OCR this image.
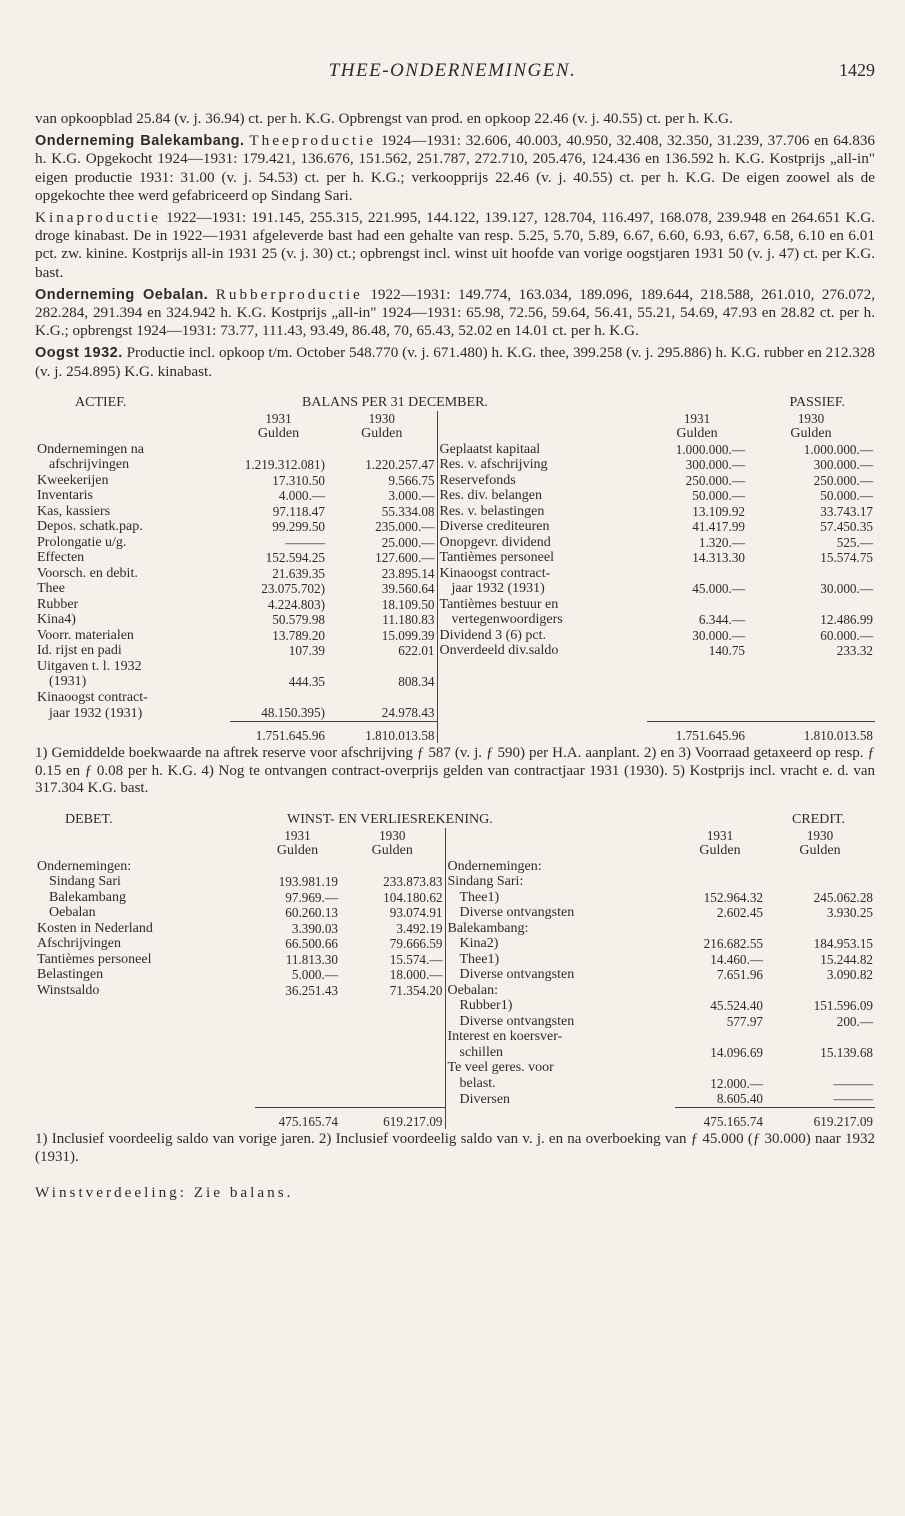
THEE-ONDERNEMINGEN.	1429

van opkoopblad 25.84 (v. j. 36.94) ct. per h. K.G. Opbrengst van prod. en opkoop 22.46 (v. j. 40.55) ct. per h. K.G.

Onderneming Balekambang. Theeproductie 1924—1931: 32.606, 40.003, 40.950, 32.408, 32.350, 31.239, 37.706 en 64.836 h. K.G. Opgekocht 1924—1931: 179.421, 136.676, 151.562, 251.787, 272.710, 205.476, 124.436 en 136.592 h. K.G. Kostprijs „all-in" eigen productie 1931: 31.00 (v. j. 54.53) ct. per h. K.G.; verkoopprijs 22.46 (v. j. 40.55) ct. per h. K.G. De eigen zoowel als de opgekochte thee werd gefabriceerd op Sindang Sari.

Kinaproductie 1922—1931: 191.145, 255.315, 221.995, 144.122, 139.127, 128.704, 116.497, 168.078, 239.948 en 264.651 K.G. droge kinabast. De in 1922—1931 afgeleverde bast had een gehalte van resp. 5.25, 5.70, 5.89, 6.67, 6.60, 6.93, 6.67, 6.58, 6.10 en 6.01 pct. zw. kinine. Kostprijs all-in 1931 25 (v. j. 30) ct.; opbrengst incl. winst uit hoofde van vorige oogstjaren 1931 50 (v. j. 47) ct. per K.G. bast.

Onderneming Oebalan. Rubberproductie 1922—1931: 149.774, 163.034, 189.096, 189.644, 218.588, 261.010, 276.072, 282.284, 291.394 en 324.942 h. K.G. Kostprijs „all-in" 1924—1931: 65.98, 72.56, 59.64, 56.41, 55.21, 54.69, 47.93 en 28.82 ct. per h. K.G.; opbrengst 1924—1931: 73.77, 111.43, 93.49, 86.48, 70, 65.43, 52.02 en 14.01 ct. per h. K.G.

Oogst 1932. Productie incl. opkoop t/m. October 548.770 (v. j. 671.480) h. K.G. thee, 399.258 (v. j. 295.886) h. K.G. rubber en 212.328 (v. j. 254.895) K.G. kinabast.

ACTIEF.	BALANS PER 31 DECEMBER.			PASSIEF.	
	1931	1930		1931	1930
	Gulden	Gulden		Gulden	Gulden
Ondernemingen na			Geplaatst kapitaal	1.000.000.—	1.000.000.—
afschrijvingen	1.219.312.081)	1.220.257.47	Res. v. afschrijving	300.000.—	300.000.—
Kweekerijen	17.310.50	9.566.75	Reservefonds	250.000.—	250.000.—
Inventaris	4.000.—	3.000.—	Res. div. belangen	50.000.—	50.000.—
Kas, kassiers	97.118.47	55.334.08	Res. v. belastingen	13.109.92	33.743.17
Depos. schatk.pap.	99.299.50	235.000.—	Diverse crediteuren	41.417.99	57.450.35
Prolongatie u/g.	———	25.000.—	Onopgevr. dividend	1.320.—	525.—
Effecten	152.594.25	127.600.—	Tantièmes personeel	14.313.30	15.574.75
Voorsch. en debit.	21.639.35	23.895.14	Kinaoogst contract-		
Thee	23.075.702)	39.560.64	jaar 1932 (1931)	45.000.—	30.000.—
Rubber	4.224.803)	18.109.50	Tantièmes bestuur en		
Kina4)	50.579.98	11.180.83	vertegenwoordigers	6.344.—	12.486.99
Voorr. materialen	13.789.20	15.099.39	Dividend 3 (6) pct.	30.000.—	60.000.—
Id. rijst en padi	107.39	622.01	Onverdeeld div.saldo	140.75	233.32
Uitgaven t. l. 1932					
(1931)	444.35	808.34			
Kinaoogst contract-					
jaar 1932 (1931)	48.150.395)	24.978.43			
	1.751.645.96	1.810.013.58		1.751.645.96	1.810.013.58

1) Gemiddelde boekwaarde na aftrek reserve voor afschrijving ƒ 587 (v. j. ƒ 590) per H.A. aanplant. 2) en 3) Voorraad getaxeerd op resp. ƒ 0.15 en ƒ 0.08 per h. K.G. 4) Nog te ontvangen contract-overprijs gelden van contractjaar 1931 (1930). 5) Kostprijs incl. vracht e. d. van 317.304 K.G. bast.

DEBET.	WINST- EN VERLIESREKENING.			CREDIT.	
	1931	1930		1931	1930
	Gulden	Gulden		Gulden	Gulden
Ondernemingen:			Ondernemingen:		
Sindang Sari	193.981.19	233.873.83	Sindang Sari:		
Balekambang	97.969.—	104.180.62	Thee1)	152.964.32	245.062.28
Oebalan	60.260.13	93.074.91	Diverse ontvangsten	2.602.45	3.930.25
Kosten in Nederland	3.390.03	3.492.19	Balekambang:		
Afschrijvingen	66.500.66	79.666.59	Kina2)	216.682.55	184.953.15
Tantièmes personeel	11.813.30	15.574.—	Thee1)	14.460.—	15.244.82
Belastingen	5.000.—	18.000.—	Diverse ontvangsten	7.651.96	3.090.82
Winstsaldo	36.251.43	71.354.20	Oebalan:		
			Rubber1)	45.524.40	151.596.09
			Diverse ontvangsten	577.97	200.—
			Interest en koersver-		
			schillen	14.096.69	15.139.68
			Te veel geres. voor		
			belast.	12.000.—	———
			Diversen	8.605.40	———
	475.165.74	619.217.09		475.165.74	619.217.09

1) Inclusief voordeelig saldo van vorige jaren. 2) Inclusief voordeelig saldo van v. j. en na overboeking van ƒ 45.000 (ƒ 30.000) naar 1932 (1931).

Winstverdeeling: Zie balans.
